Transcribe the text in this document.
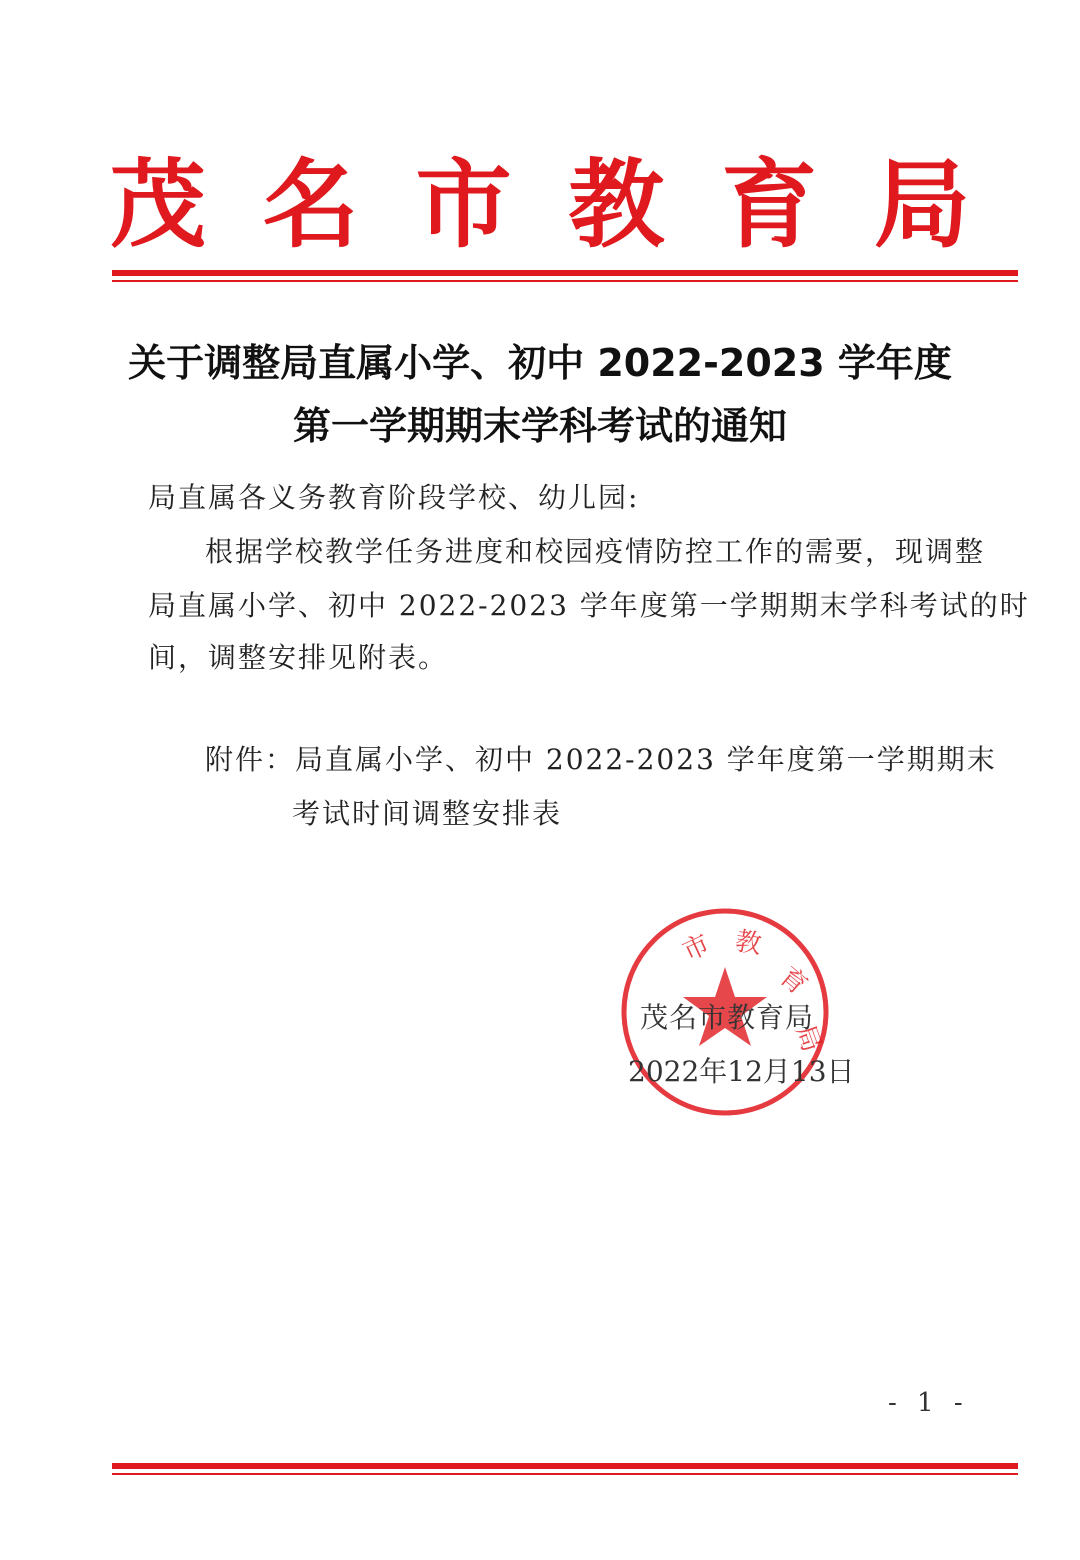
茂 名 市 教 育 局
关于调整局直属小学、初中 2022-2023 学年度
第一学期期末学科考试的通知
局直属各义务教育阶段学校、幼儿园:
根据学校教学任务进度和校园疫情防控工作的需要，现调整
局直属小学、初中 2022-2023 学年度第一学期期末学科考试的时
间，调整安排见附表。
附件：局直属小学、初中 2022-2023 学年度第一学期期末
考试时间调整安排表
市 教
育
局
茂名市教育局
2022年12月13日
- 1 -
